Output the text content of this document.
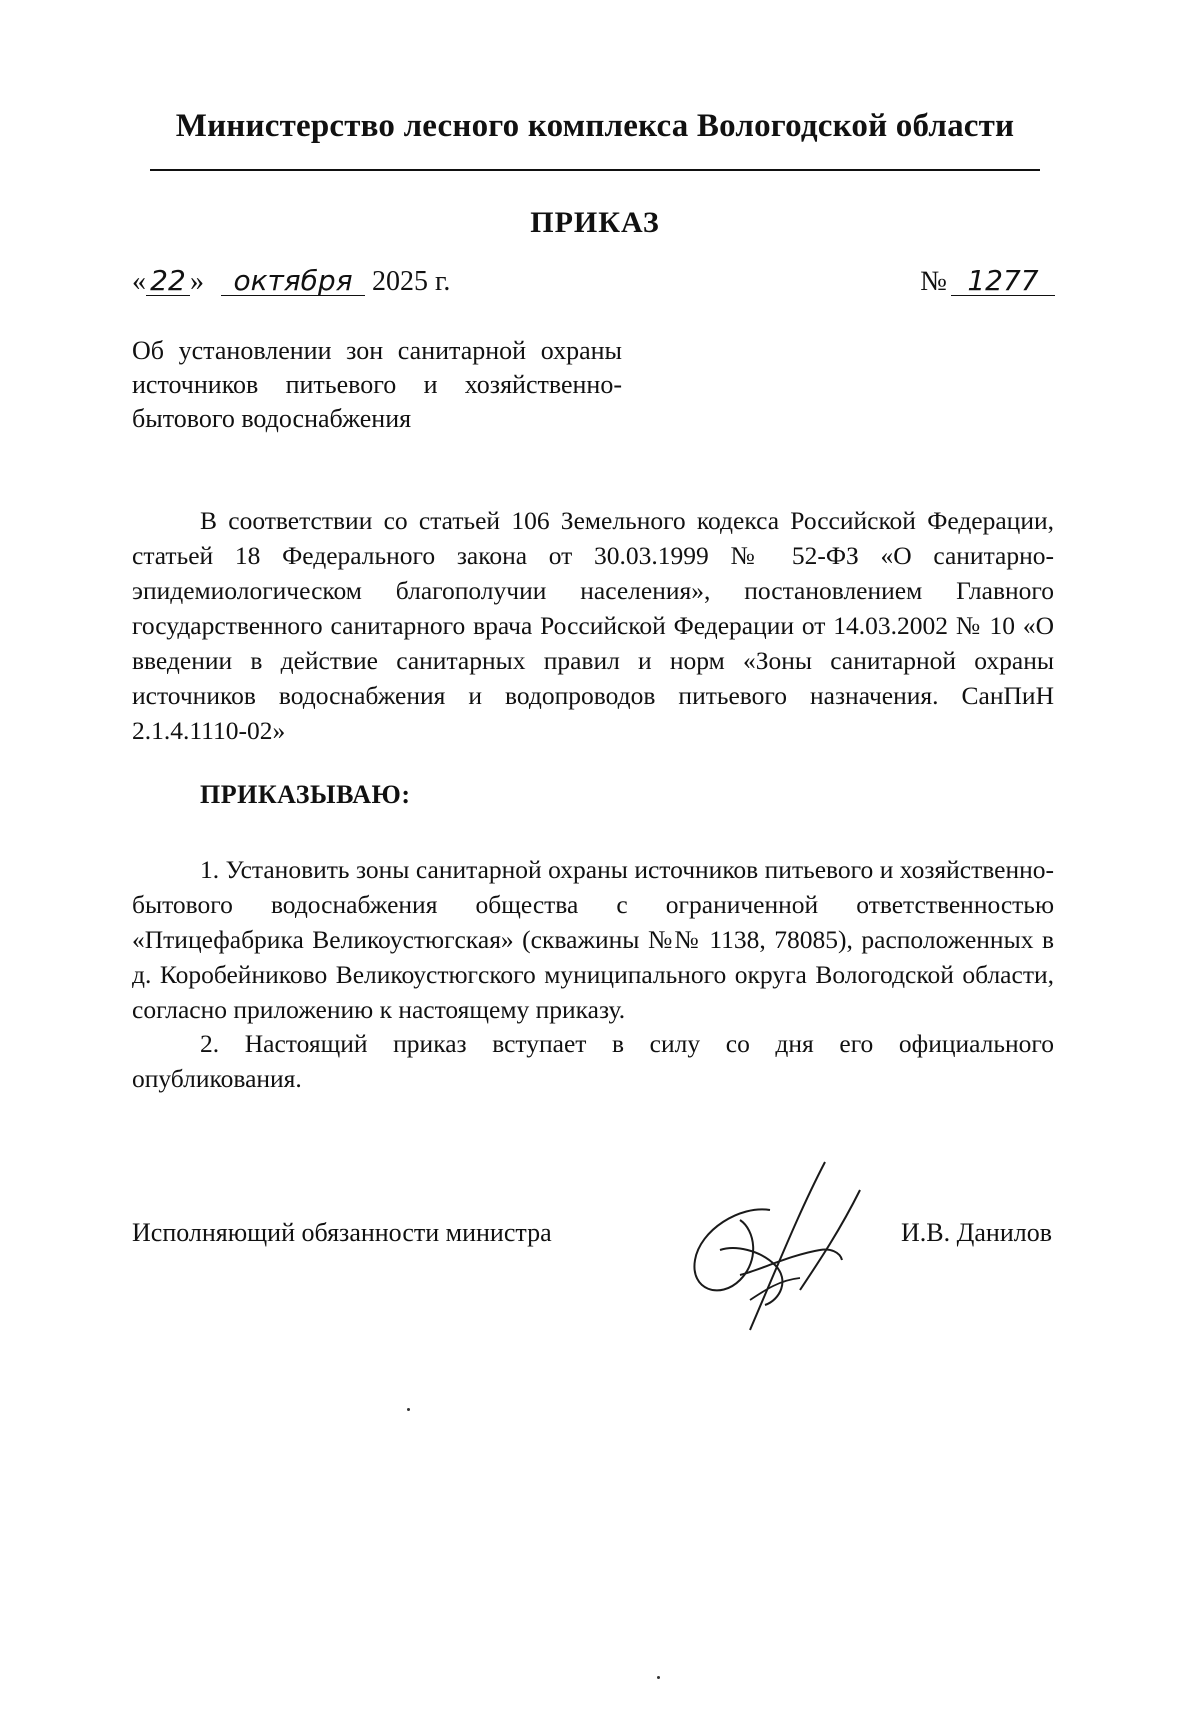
Министерство лесного комплекса Вологодской области
ПРИКАЗ
« 22 » октября 2025 г.	№ 1277
Об установлении зон санитарной охраны источников питьевого и хозяйственно-бытового водоснабжения

В соответствии со статьей 106 Земельного кодекса Российской Федерации, статьей 18 Федерального закона от 30.03.1999 № 52-ФЗ «О санитарно-эпидемиологическом благополучии населения», постановлением Главного государственного санитарного врача Российской Федерации от 14.03.2002 № 10 «О введении в действие санитарных правил и норм «Зоны санитарной охраны источников водоснабжения и водопроводов питьевого назначения. СанПиН 2.1.4.1110-02»

ПРИКАЗЫВАЮ:

1. Установить зоны санитарной охраны источников питьевого и хозяйственно-бытового водоснабжения общества с ограниченной ответственностью «Птицефабрика Великоустюгская» (скважины №№ 1138, 78085), расположенных в д. Коробейниково Великоустюгского муниципального округа Вологодской области, согласно приложению к настоящему приказу.

2. Настоящий приказ вступает в силу со дня его официального опубликования.

Исполняющий обязанности министра	И.В. Данилов
